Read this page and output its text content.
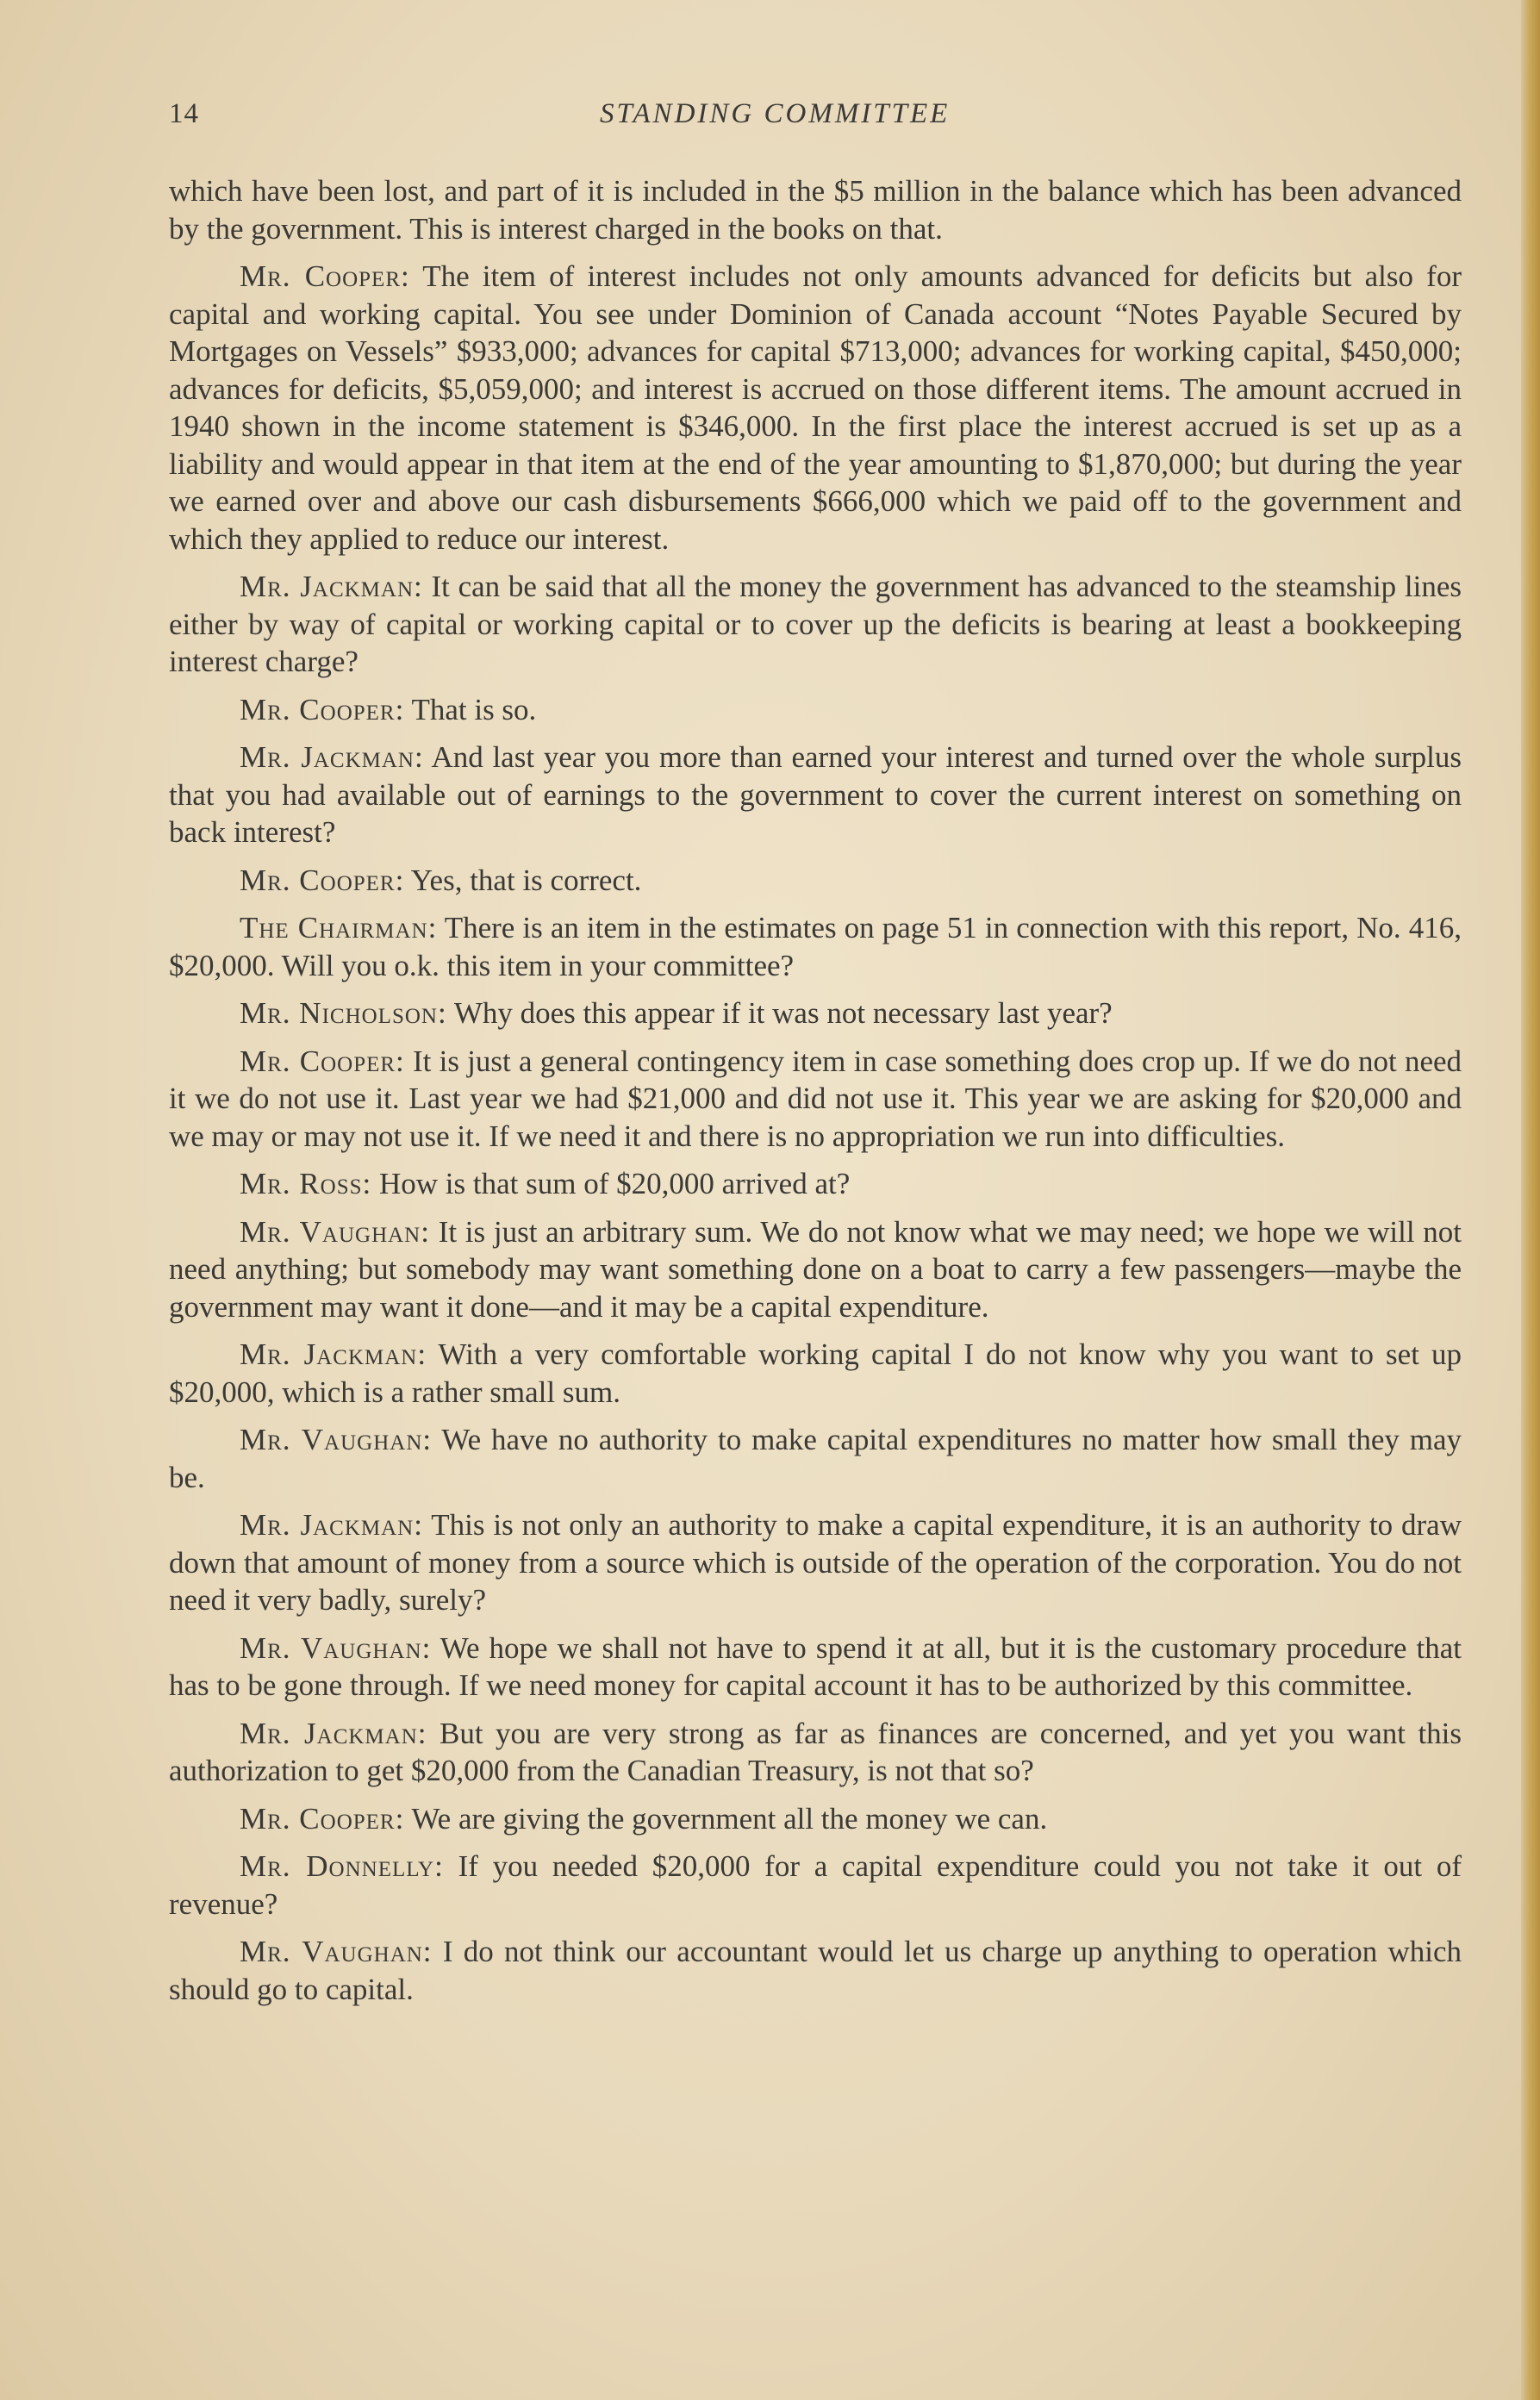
14	STANDING COMMITTEE

which have been lost, and part of it is included in the $5 million in the balance which has been advanced by the government. This is interest charged in the books on that.

Mr. Cooper: The item of interest includes not only amounts advanced for deficits but also for capital and working capital. You see under Dominion of Canada account “Notes Payable Secured by Mortgages on Vessels” $933,000; advances for capital $713,000; advances for working capital, $450,000; advances for deficits, $5,059,000; and interest is accrued on those different items. The amount accrued in 1940 shown in the income statement is $346,000. In the first place the interest accrued is set up as a liability and would appear in that item at the end of the year amounting to $1,870,000; but during the year we earned over and above our cash disbursements $666,000 which we paid off to the government and which they applied to reduce our interest.

Mr. Jackman: It can be said that all the money the government has advanced to the steamship lines either by way of capital or working capital or to cover up the deficits is bearing at least a bookkeeping interest charge?

Mr. Cooper: That is so.

Mr. Jackman: And last year you more than earned your interest and turned over the whole surplus that you had available out of earnings to the government to cover the current interest on something on back interest?

Mr. Cooper: Yes, that is correct.

The Chairman: There is an item in the estimates on page 51 in connection with this report, No. 416, $20,000. Will you o.k. this item in your committee?

Mr. Nicholson: Why does this appear if it was not necessary last year?

Mr. Cooper: It is just a general contingency item in case something does crop up. If we do not need it we do not use it. Last year we had $21,000 and did not use it. This year we are asking for $20,000 and we may or may not use it. If we need it and there is no appropriation we run into difficulties.

Mr. Ross: How is that sum of $20,000 arrived at?

Mr. Vaughan: It is just an arbitrary sum. We do not know what we may need; we hope we will not need anything; but somebody may want something done on a boat to carry a few passengers—maybe the government may want it done—and it may be a capital expenditure.

Mr. Jackman: With a very comfortable working capital I do not know why you want to set up $20,000, which is a rather small sum.

Mr. Vaughan: We have no authority to make capital expenditures no matter how small they may be.

Mr. Jackman: This is not only an authority to make a capital expenditure, it is an authority to draw down that amount of money from a source which is outside of the operation of the corporation. You do not need it very badly, surely?

Mr. Vaughan: We hope we shall not have to spend it at all, but it is the customary procedure that has to be gone through. If we need money for capital account it has to be authorized by this committee.

Mr. Jackman: But you are very strong as far as finances are concerned, and yet you want this authorization to get $20,000 from the Canadian Treasury, is not that so?

Mr. Cooper: We are giving the government all the money we can.

Mr. Donnelly: If you needed $20,000 for a capital expenditure could you not take it out of revenue?

Mr. Vaughan: I do not think our accountant would let us charge up anything to operation which should go to capital.
